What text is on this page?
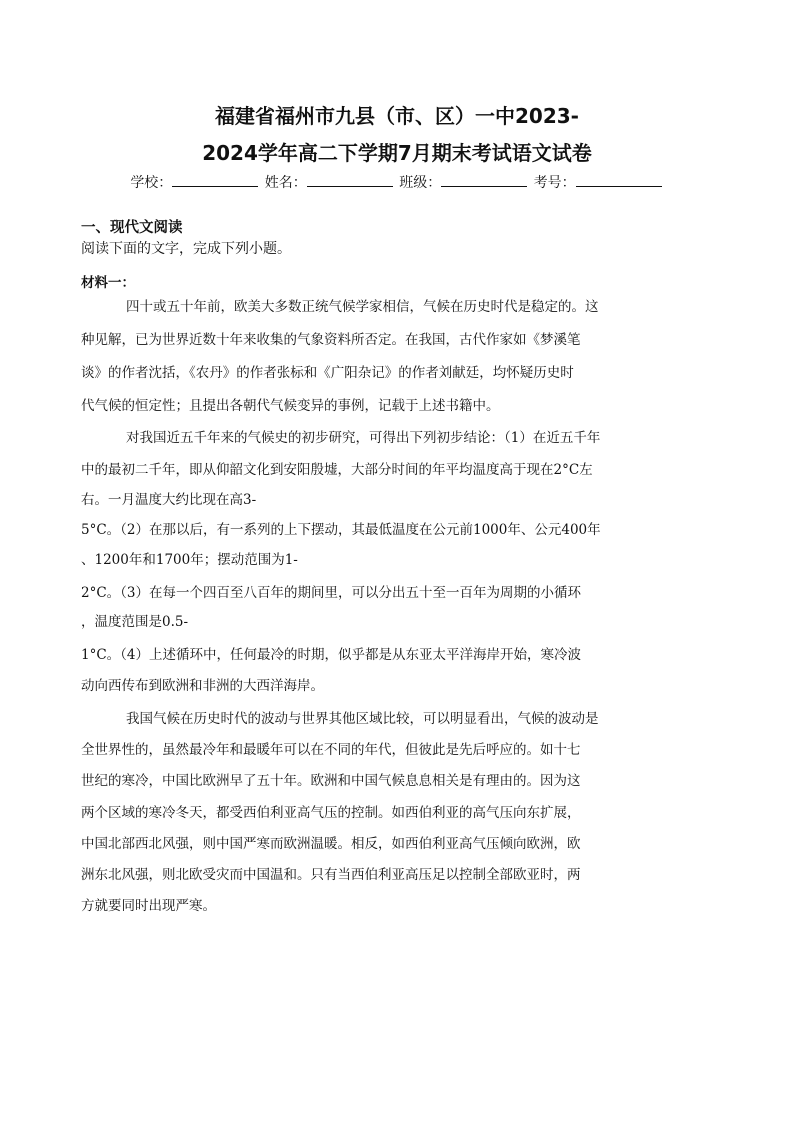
福建省福州市九县（市、区）一中2023-
2024学年高二下学期7月期末考试语文试卷
学校：	姓名：	班级：	考号：
一、现代文阅读
阅读下面的文字，完成下列小题。
材料一：
四十或五十年前，欧美大多数正统气候学家相信，气候在历史时代是稳定的。这
种见解，已为世界近数十年来收集的气象资料所否定。在我国，古代作家如《梦溪笔
谈》的作者沈括，《农丹》的作者张标和《广阳杂记》的作者刘献廷，均怀疑历史时
代气候的恒定性；且提出各朝代气候变异的事例，记载于上述书籍中。
对我国近五千年来的气候史的初步研究，可得出下列初步结论：（1）在近五千年
中的最初二千年，即从仰韶文化到安阳殷墟，大部分时间的年平均温度高于现在2°C左
右。一月温度大约比现在高3-
5°C。（2）在那以后，有一系列的上下摆动，其最低温度在公元前1000年、公元400年
、1200年和1700年；摆动范围为1-
2°C。（3）在每一个四百至八百年的期间里，可以分出五十至一百年为周期的小循环
，温度范围是0.5-
1°C。（4）上述循环中，任何最冷的时期，似乎都是从东亚太平洋海岸开始，寒冷波
动向西传布到欧洲和非洲的大西洋海岸。
我国气候在历史时代的波动与世界其他区域比较，可以明显看出，气候的波动是
全世界性的，虽然最冷年和最暖年可以在不同的年代，但彼此是先后呼应的。如十七
世纪的寒冷，中国比欧洲早了五十年。欧洲和中国气候息息相关是有理由的。因为这
两个区域的寒冷冬天，都受西伯利亚高气压的控制。如西伯利亚的高气压向东扩展，
中国北部西北风强，则中国严寒而欧洲温暖。相反，如西伯利亚高气压倾向欧洲，欧
洲东北风强，则北欧受灾而中国温和。只有当西伯利亚高压足以控制全部欧亚时，两
方就要同时出现严寒。
